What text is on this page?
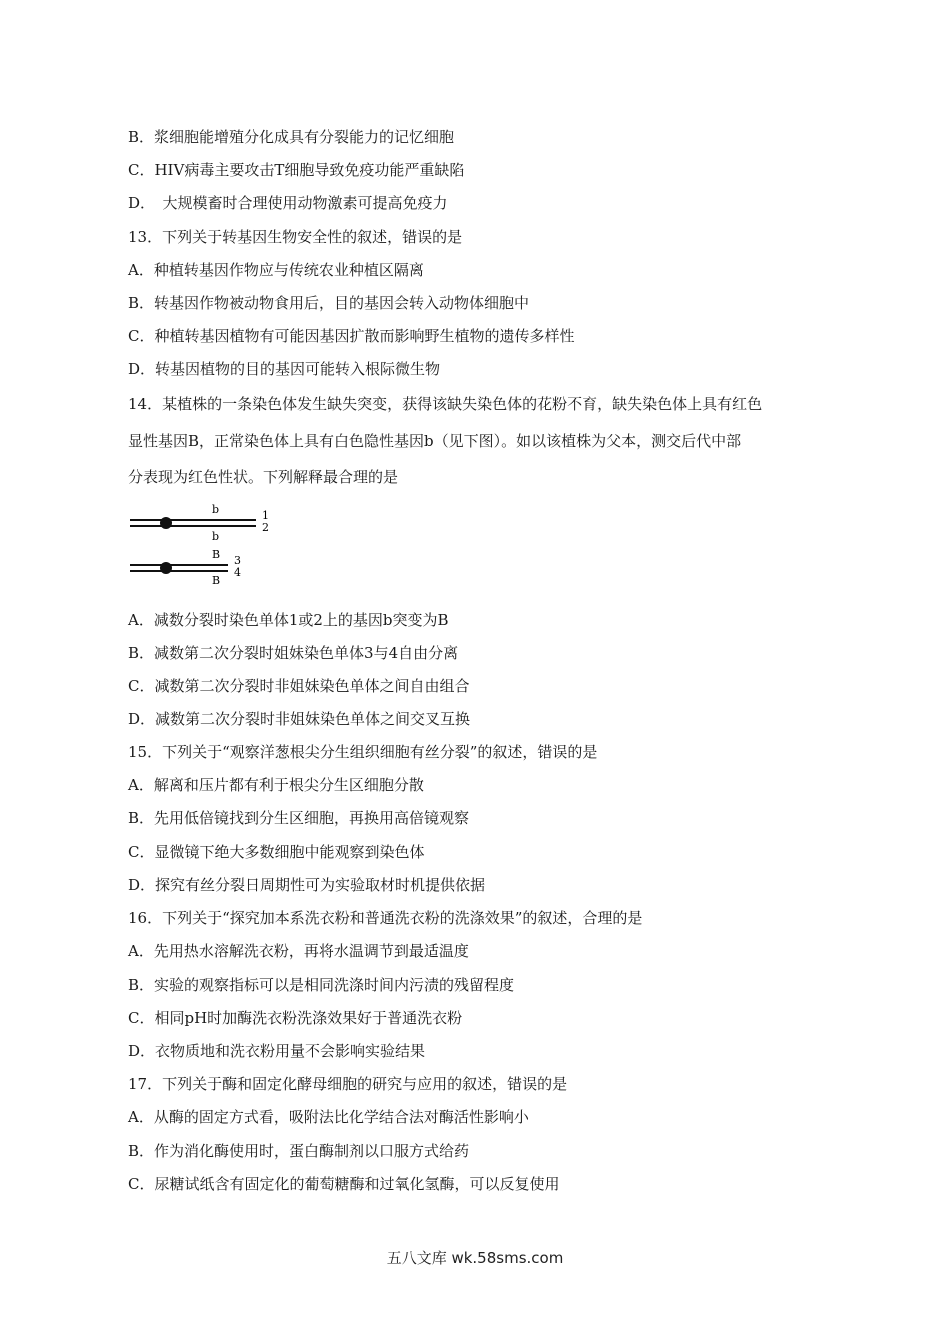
B．浆细胞能增殖分化成具有分裂能力的记忆细胞
C．HIV病毒主要攻击T细胞导致免疫功能严重缺陷
D．　大规模畜时合理使用动物激素可提高免疫力
13．下列关于转基因生物安全性的叙述，错误的是
A．种植转基因作物应与传统农业种植区隔离
B．转基因作物被动物食用后，目的基因会转入动物体细胞中
C．种植转基因植物有可能因基因扩散而影响野生植物的遗传多样性
D．转基因植物的目的基因可能转入根际微生物
14．某植株的一条染色体发生缺失突变，获得该缺失染色体的花粉不育，缺失染色体上具有红色
显性基因B，正常染色体上具有白色隐性基因b（见下图）。如以该植株为父本，测交后代中部
分表现为红色性状。下列解释最合理的是
b
b
1
2
B
B
3
4
A．减数分裂时染色单体1或2上的基因b突变为B
B．减数第二次分裂时姐妹染色单体3与4自由分离
C．减数第二次分裂时非姐妹染色单体之间自由组合
D．减数第二次分裂时非姐妹染色单体之间交叉互换
15．下列关于“观察洋葱根尖分生组织细胞有丝分裂”的叙述，错误的是
A．解离和压片都有利于根尖分生区细胞分散
B．先用低倍镜找到分生区细胞，再换用高倍镜观察
C．显微镜下绝大多数细胞中能观察到染色体
D．探究有丝分裂日周期性可为实验取材时机提供依据
16．下列关于“探究加本系洗衣粉和普通洗衣粉的洗涤效果”的叙述，合理的是
A．先用热水溶解洗衣粉，再将水温调节到最适温度
B．实验的观察指标可以是相同洗涤时间内污渍的残留程度
C．相同pH时加酶洗衣粉洗涤效果好于普通洗衣粉
D．衣物质地和洗衣粉用量不会影响实验结果
17．下列关于酶和固定化酵母细胞的研究与应用的叙述，错误的是
A．从酶的固定方式看，吸附法比化学结合法对酶活性影响小
B．作为消化酶使用时，蛋白酶制剂以口服方式给药
C．尿糖试纸含有固定化的葡萄糖酶和过氧化氢酶，可以反复使用
五八文库 wk.58sms.com
